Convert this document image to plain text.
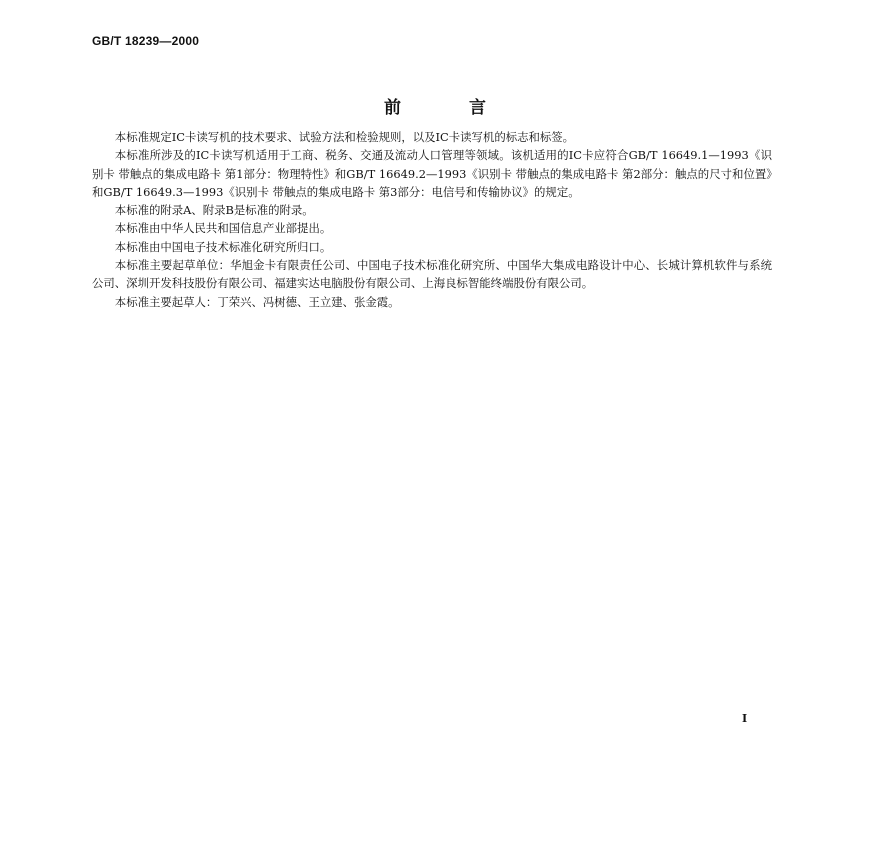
GB/T 18239—2000
前言

本标准规定IC卡读写机的技术要求、试验方法和检验规则，以及IC卡读写机的标志和标签。

本标准所涉及的IC卡读写机适用于工商、税务、交通及流动人口管理等领域。该机适用的IC卡应符合GB/T 16649.1—1993《识别卡 带触点的集成电路卡 第1部分：物理特性》和GB/T 16649.2—1993《识别卡 带触点的集成电路卡 第2部分：触点的尺寸和位置》和GB/T 16649.3—1993《识别卡 带触点的集成电路卡 第3部分：电信号和传输协议》的规定。

本标准的附录A、附录B是标准的附录。

本标准由中华人民共和国信息产业部提出。

本标准由中国电子技术标准化研究所归口。

本标准主要起草单位：华旭金卡有限责任公司、中国电子技术标准化研究所、中国华大集成电路设计中心、长城计算机软件与系统公司、深圳开发科技股份有限公司、福建实达电脑股份有限公司、上海良标智能终端股份有限公司。

本标准主要起草人：丁荣兴、冯树德、王立建、张金霞。

I
